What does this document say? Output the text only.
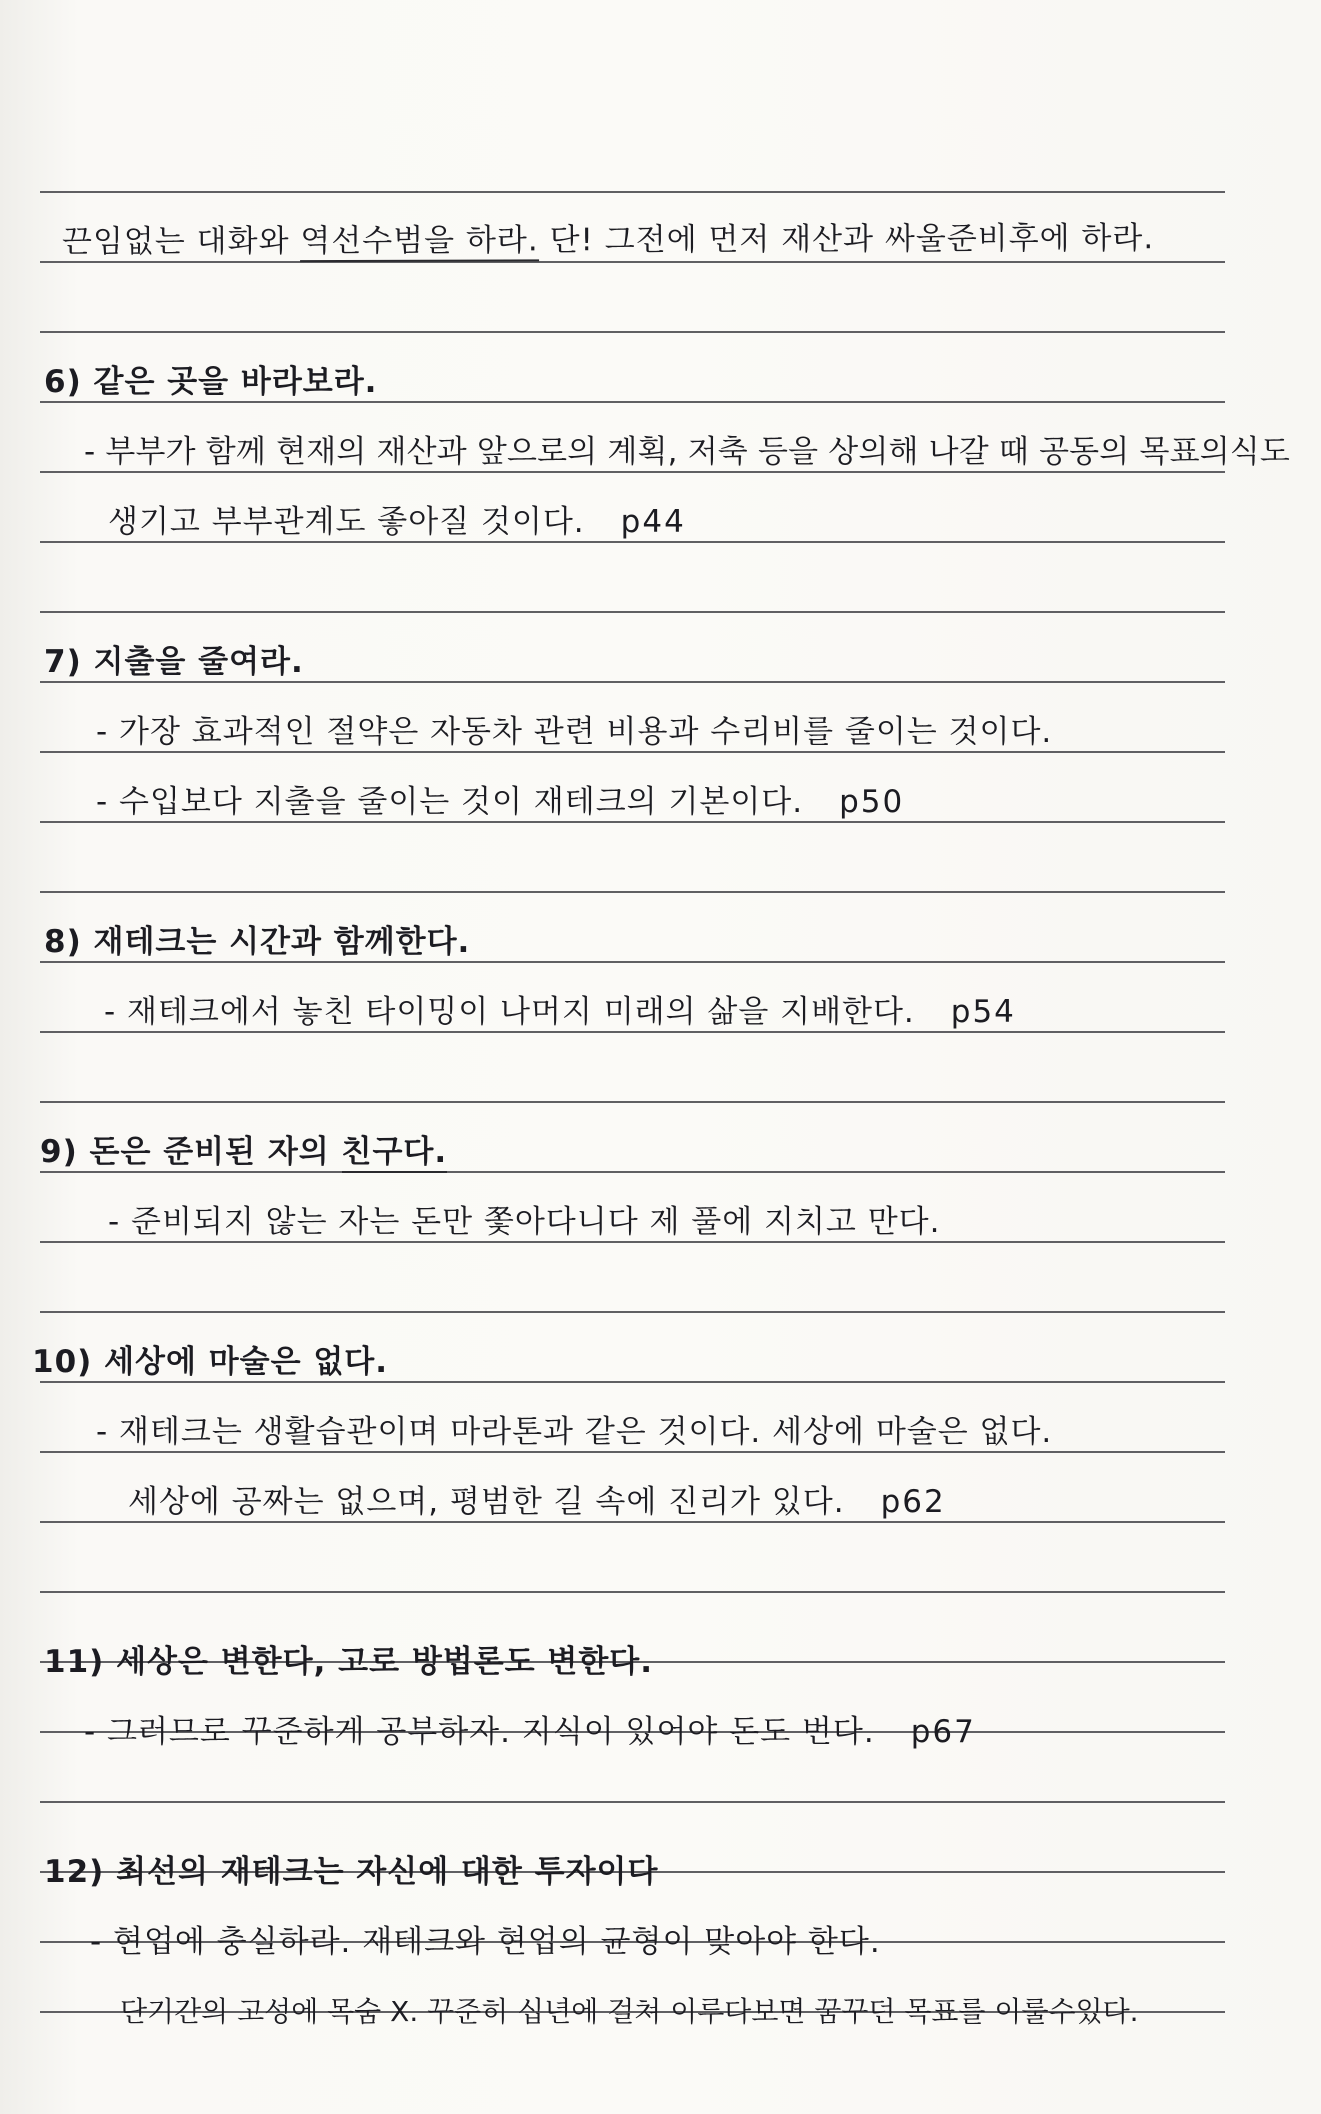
끈임없는 대화와 역선수범을 하라. 단! 그전에 먼저 재산과 싸울준비후에 하라.
6) 같은 곳을 바라보라.
- 부부가 함께 현재의 재산과 앞으로의 계획, 저축 등을 상의해 나갈 때 공동의 목표의식도
생기고 부부관계도 좋아질 것이다. p44
7) 지출을 줄여라.
- 가장 효과적인 절약은 자동차 관련 비용과 수리비를 줄이는 것이다.
- 수입보다 지출을 줄이는 것이 재테크의 기본이다. p50
8) 재테크는 시간과 함께한다.
- 재테크에서 놓친 타이밍이 나머지 미래의 삶을 지배한다. p54
9) 돈은 준비된 자의 친구다.
- 준비되지 않는 자는 돈만 쫓아다니다 제 풀에 지치고 만다.
10) 세상에 마술은 없다.
- 재테크는 생활습관이며 마라톤과 같은 것이다. 세상에 마술은 없다.
세상에 공짜는 없으며, 평범한 길 속에 진리가 있다. p62
11) 세상은 변한다, 고로 방법론도 변한다.
- 그러므로 꾸준하게 공부하자. 지식이 있어야 돈도 번다. p67
12) 최선의 재테크는 자신에 대한 투자이다
- 현업에 충실하라. 재테크와 현업의 균형이 맞아야 한다.
단기간의 고성에 목숨 X. 꾸준히 십년에 걸쳐 이루다보면 꿈꾸던 목표를 이룰수있다.
